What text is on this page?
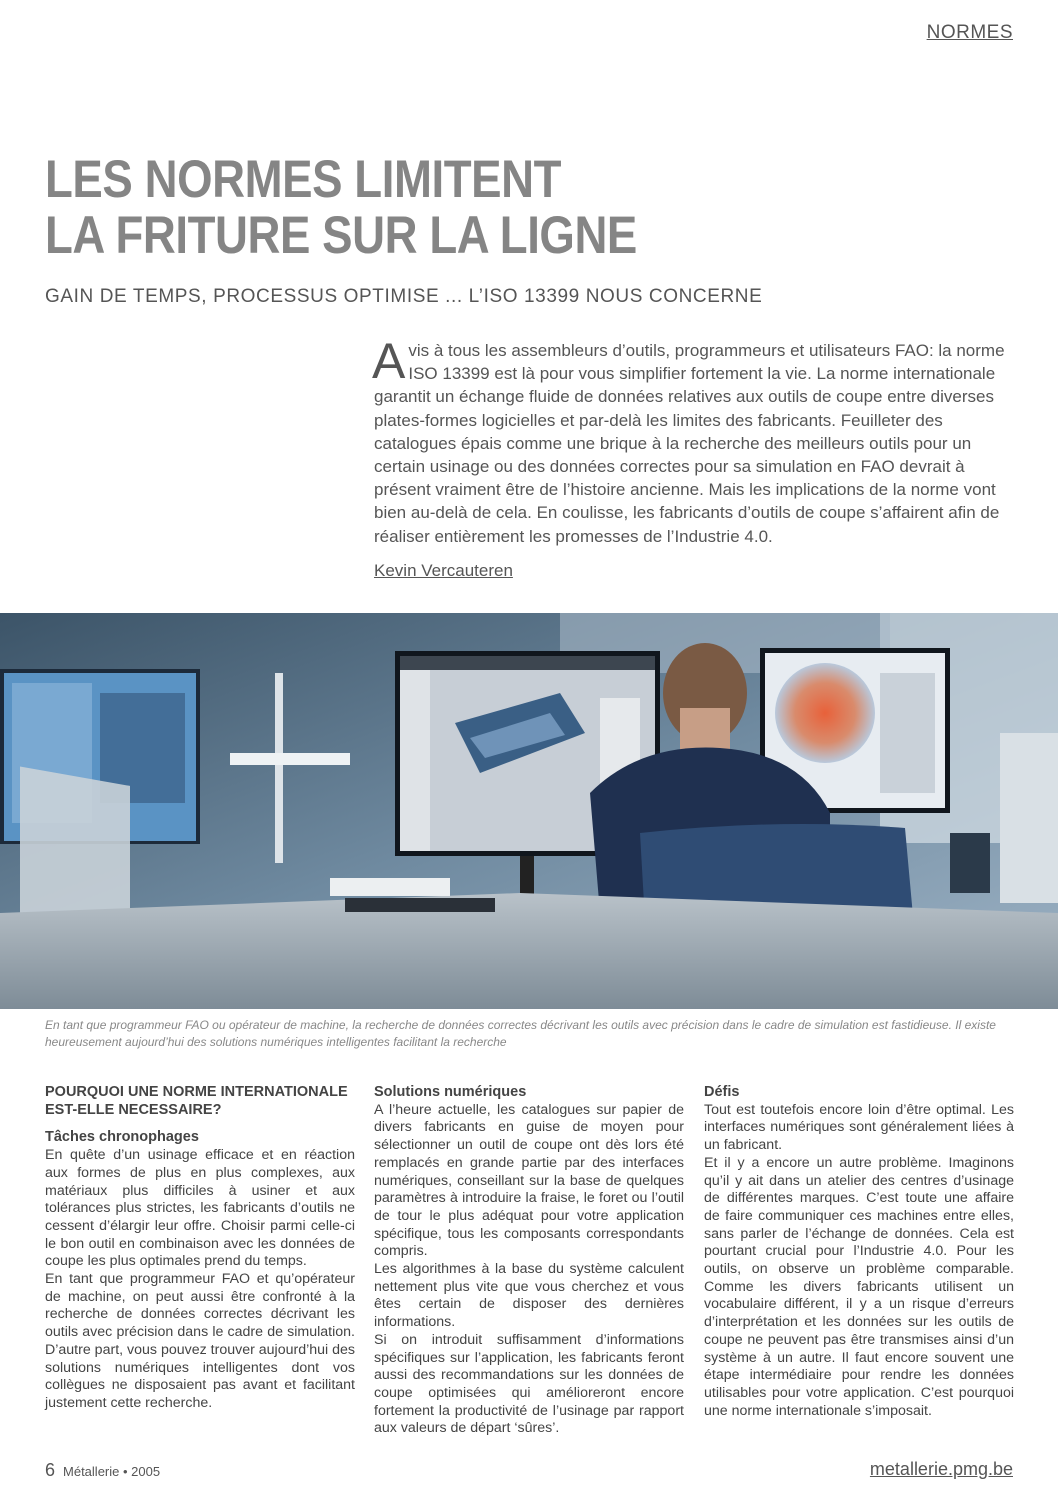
NORMES
LES NORMES LIMITENT
LA FRITURE SUR LA LIGNE
GAIN DE TEMPS, PROCESSUS OPTIMISE ... L’ISO 13399 NOUS CONCERNE
Avis à tous les assembleurs d’outils, programmeurs et utilisateurs FAO: la norme ISO 13399 est là pour vous simplifier fortement la vie. La norme internationale garantit un échange fluide de données relatives aux outils de coupe entre diverses plates-formes logicielles et par-delà les limites des fabricants. Feuilleter des catalogues épais comme une brique à la recherche des meilleurs outils pour un certain usinage ou des données correctes pour sa simulation en FAO devrait à présent vraiment être de l’histoire ancienne. Mais les implications de la norme vont bien au-delà de cela. En coulisse, les fabricants d’outils de coupe s’affairent afin de réaliser entièrement les promesses de l’Industrie 4.0.
Kevin Vercauteren
En tant que programmeur FAO ou opérateur de machine, la recherche de données correctes décrivant les outils avec précision dans le cadre de simulation est fastidieuse. Il existe heureusement aujourd’hui des solutions numériques intelligentes facilitant la recherche
POURQUOI UNE NORME INTERNATIONALE EST-ELLE NECESSAIRE?
Tâches chronophages

En quête d’un usinage efficace et en réaction aux formes de plus en plus complexes, aux matériaux plus difficiles à usiner et aux tolérances plus strictes, les fabricants d’outils ne cessent d’élargir leur offre. Choisir parmi celle-ci le bon outil en combinaison avec les données de coupe les plus optimales prend du temps.

En tant que programmeur FAO et qu’opérateur de machine, on peut aussi être confronté à la recherche de données correctes décrivant les outils avec précision dans le cadre de simulation. D’autre part, vous pouvez trouver aujourd’hui des solutions numériques intelligentes dont vos collègues ne disposaient pas avant et facilitant justement cette recherche.

Solutions numériques

A l’heure actuelle, les catalogues sur papier de divers fabricants en guise de moyen pour sélectionner un outil de coupe ont dès lors été remplacés en grande partie par des interfaces numériques, conseillant sur la base de quelques paramètres à introduire la fraise, le foret ou l’outil de tour le plus adéquat pour votre application spécifique, tous les composants correspondants compris.

Les algorithmes à la base du système calculent nettement plus vite que vous cherchez et vous êtes certain de disposer des dernières informations.

Si on introduit suffisamment d’informations spécifiques sur l’application, les fabricants feront aussi des recommandations sur les données de coupe optimisées qui amélioreront encore fortement la productivité de l’usinage par rapport aux valeurs de départ ‘sûres’.

Défis

Tout est toutefois encore loin d’être optimal. Les interfaces numériques sont généralement liées à un fabricant.

Et il y a encore un autre problème. Imaginons qu’il y ait dans un atelier des centres d’usinage de différentes marques. C’est toute une affaire de faire communiquer ces machines entre elles, sans parler de l’échange de données. Cela est pourtant crucial pour l’Industrie 4.0. Pour les outils, on observe un problème comparable. Comme les divers fabricants utilisent un vocabulaire différent, il y a un risque d’erreurs d’interprétation et les données sur les outils de coupe ne peuvent pas être transmises ainsi d’un système à un autre. Il faut encore souvent une étape intermédiaire pour rendre les données utilisables pour votre application. C’est pourquoi une norme internationale s’imposait.

6 Métallerie • 2005	metallerie.pmg.be
